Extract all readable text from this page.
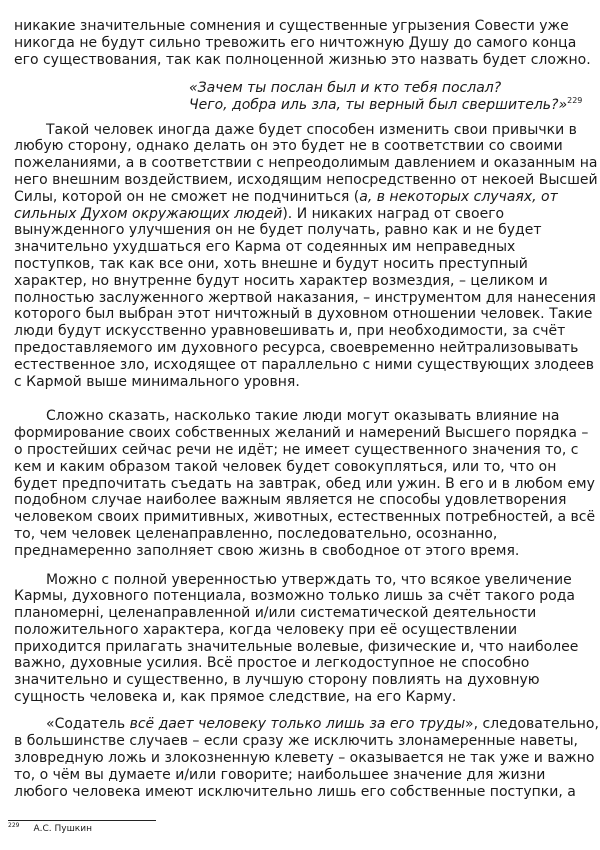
никакие значительные сомнения и существенные угрызения Совести уже
никогда не будут сильно тревожить его ничтожную Душу до самого конца
его существования, так как полноценной жизнью это назвать будет сложно.
«Зачем ты послан был и кто тебя послал?
Чего, добра иль зла, ты верный был свершитель?»$^{229}$
Такой человек иногда даже будет способен изменить свои привычки в
любую сторону, однако делать он это будет не в соответствии со своими
пожеланиями, а в соответствии с непреодолимым давлением и оказанным на
него внешним воздействием, исходящим непосредственно от некоей Высшей
Силы, которой он не сможет не подчиниться (а, в некоторых случаях, от
сильных Духом окружающих людей). И никаких наград от своего
вынужденного улучшения он не будет получать, равно как и не будет
значительно ухудшаться его Карма от содеянных им неправедных
поступков, так как все они, хоть внешне и будут носить преступный
характер, но внутренне будут носить характер возмездия, – целиком и
полностью заслуженного жертвой наказания, – инструментом для нанесения
которого был выбран этот ничтожный в духовном отношении человек. Такие
люди будут искусственно уравновешивать и, при необходимости, за счёт
предоставляемого им духовного ресурса, своевременно нейтрализовывать
естественное зло, исходящее от параллельно с ними существующих злодеев
с Кармой выше минимального уровня.
Сложно сказать, насколько такие люди могут оказывать влияние на
формирование своих собственных желаний и намерений Высшего порядка –
о простейших сейчас речи не идёт; не имеет существенного значения то, с
кем и каким образом такой человек будет совокупляться, или то, что он
будет предпочитать съедать на завтрак, обед или ужин. В его и в любом ему
подобном случае наиболее важным является не способы удовлетворения
человеком своих примитивных, животных, естественных потребностей, а всё
то, чем человек целенаправленно, последовательно, осознанно,
преднамеренно заполняет свою жизнь в свободное от этого время.
Можно с полной уверенностью утверждать то, что всякое увеличение
Кармы, духовного потенциала, возможно только лишь за счёт такого рода
планомерні, целенаправленной и/или систематической деятельности
положительного характера, когда человеку при её осуществлении
приходится прилагать значительные волевые, физические и, что наиболее
важно, духовные усилия. Всё простое и легкодоступное не способно
значительно и существенно, в лучшую сторону повлиять на духовную
сущность человека и, как прямое следствие, на его Карму.
«Содатель всё дает человеку только лишь за его труды», следовательно,
в большинстве случаев – если сразу же исключить злонамеренные наветы,
зловредную ложь и злокозненную клевету – оказывается не так уже и важно
то, о чём вы думаете и/или говорите; наибольшее значение для жизни
любого человека имеют исключительно лишь его собственные поступки, а
$^{229}$ А.С. Пушкин
